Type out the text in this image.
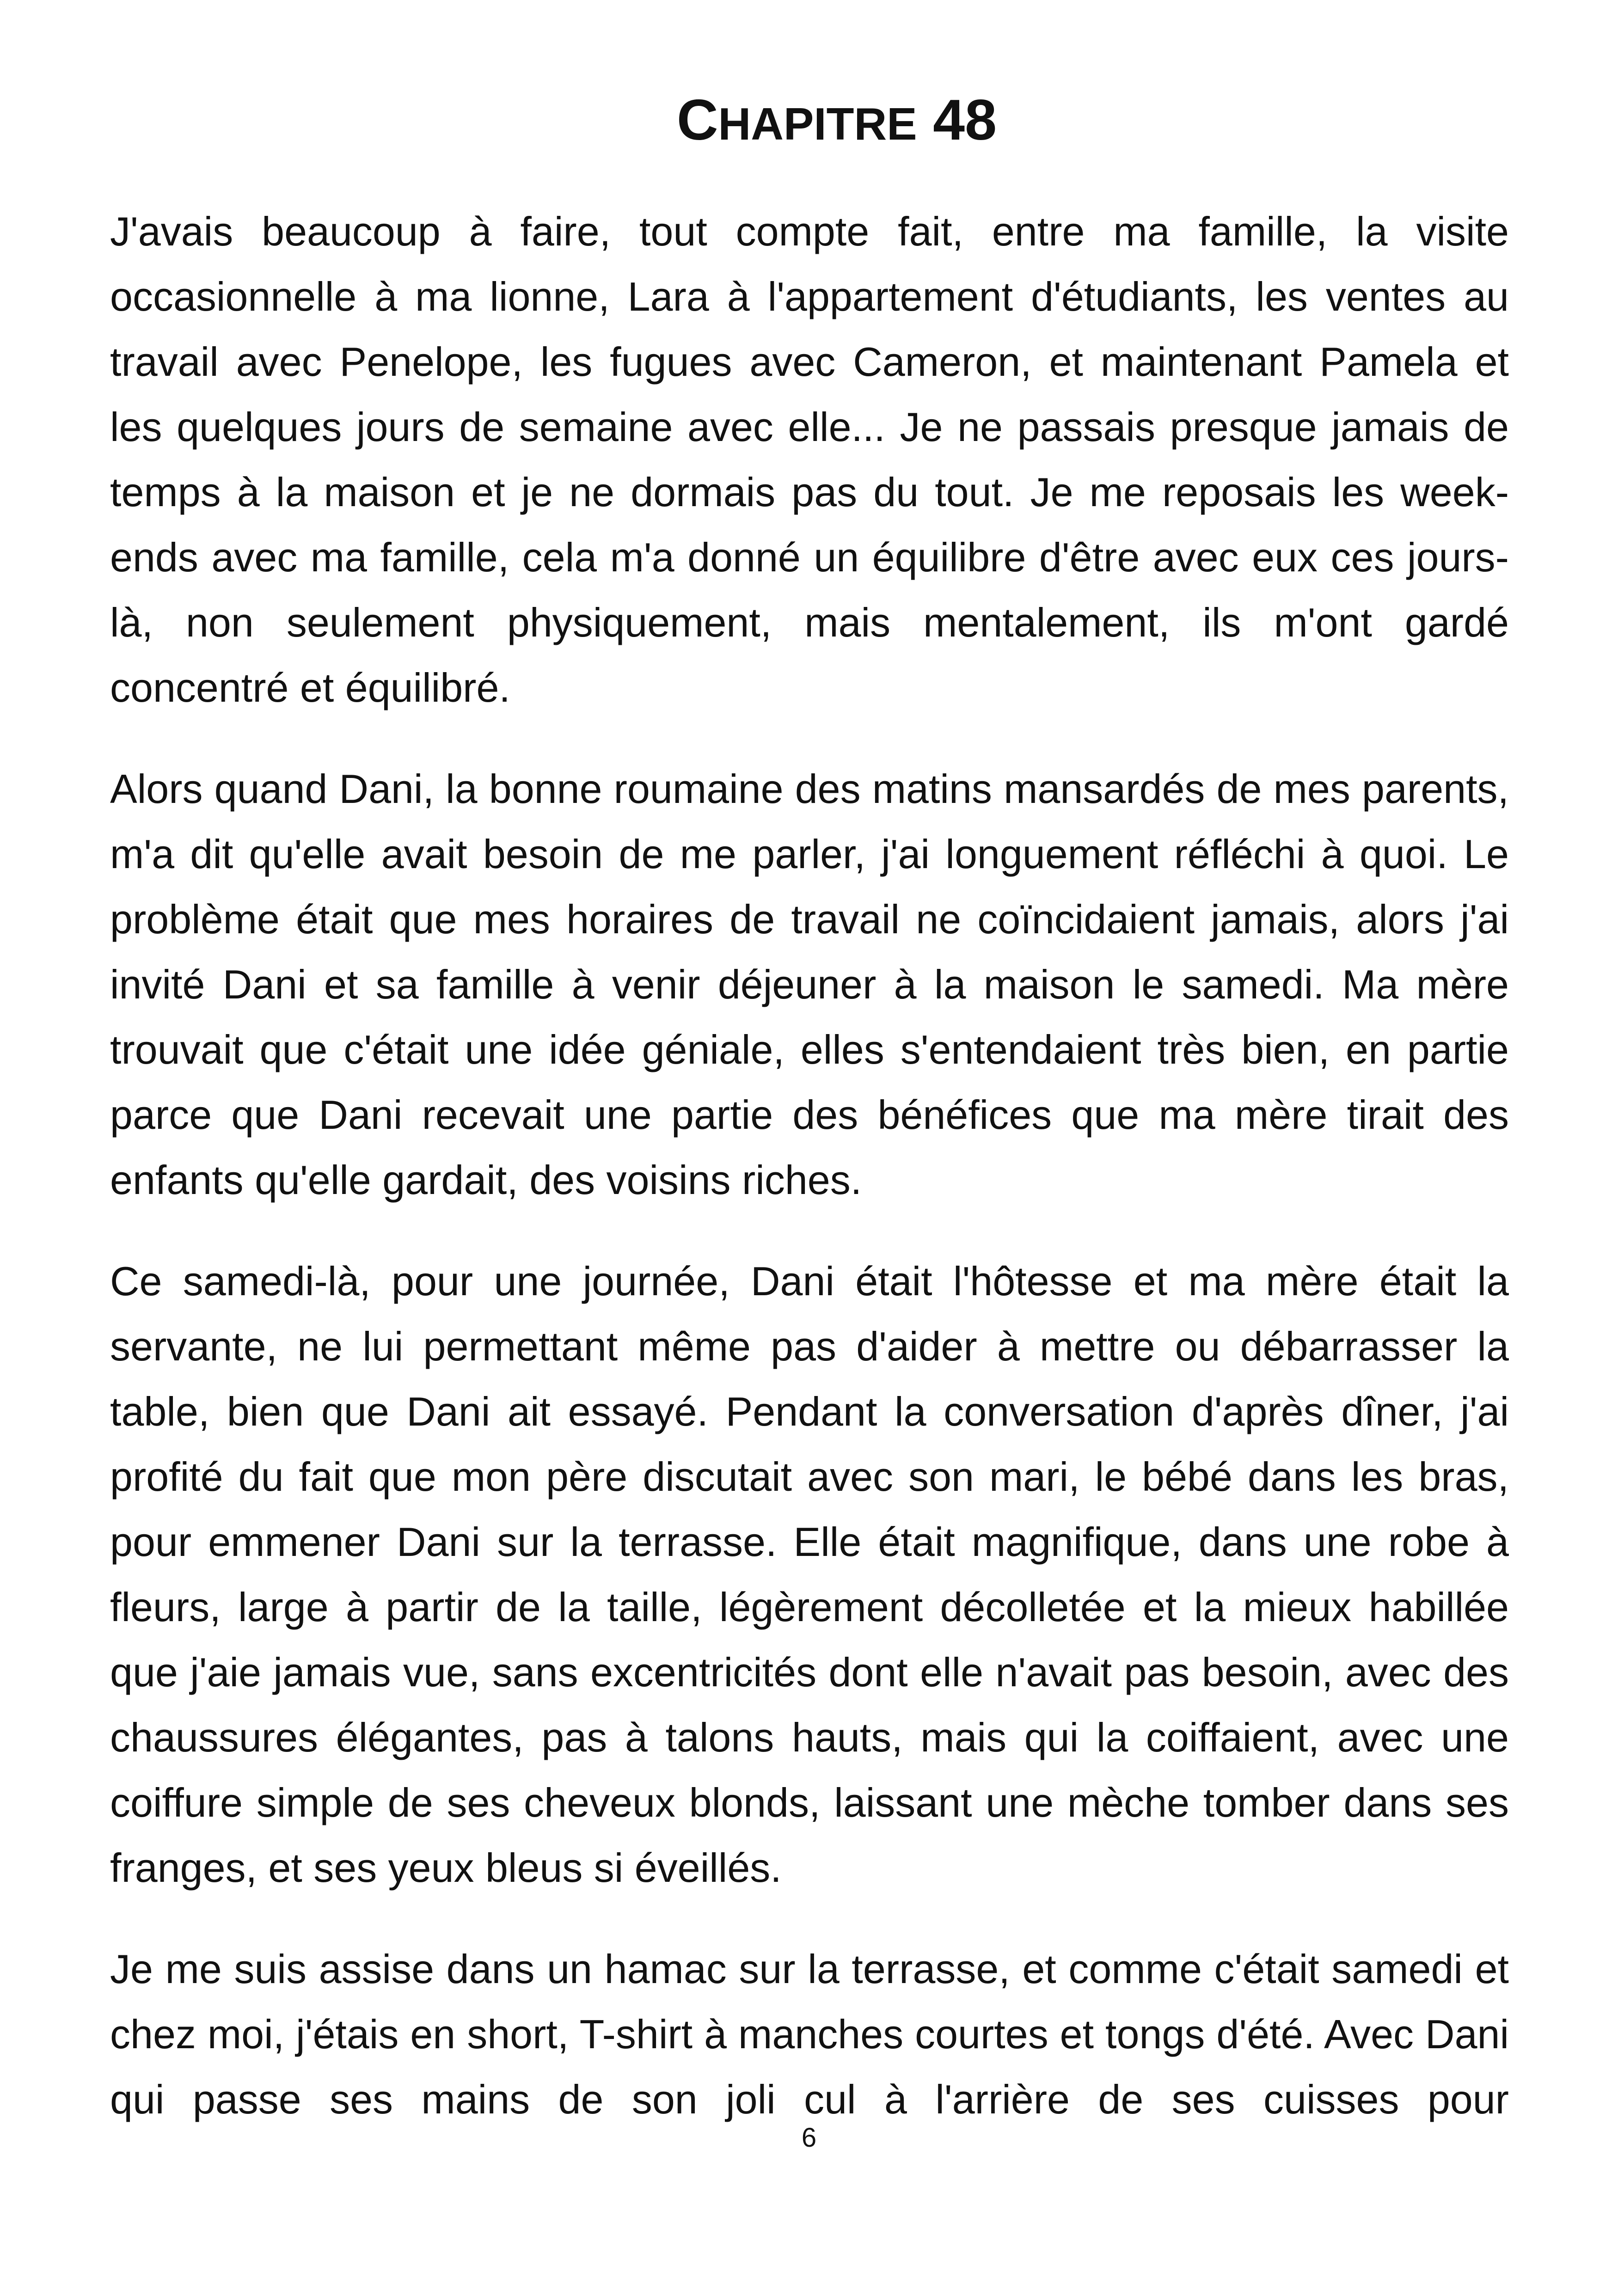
CHAPITRE 48

J'avais beaucoup à faire, tout compte fait, entre ma famille, la visite occasionnelle à ma lionne, Lara à l'appartement d'étudiants, les ventes au travail avec Penelope, les fugues avec Cameron, et maintenant Pamela et les quelques jours de semaine avec elle... Je ne passais presque jamais de temps à la maison et je ne dormais pas du tout. Je me reposais les week-ends avec ma famille, cela m'a donné un équilibre d'être avec eux ces jours-là, non seulement physiquement, mais mentalement, ils m'ont gardé concentré et équilibré.

Alors quand Dani, la bonne roumaine des matins mansardés de mes parents, m'a dit qu'elle avait besoin de me parler, j'ai longuement réfléchi à quoi. Le problème était que mes horaires de travail ne coïncidaient jamais, alors j'ai invité Dani et sa famille à venir déjeuner à la maison le samedi. Ma mère trouvait que c'était une idée géniale, elles s'entendaient très bien, en partie parce que Dani recevait une partie des bénéfices que ma mère tirait des enfants qu'elle gardait, des voisins riches.

Ce samedi-là, pour une journée, Dani était l'hôtesse et ma mère était la servante, ne lui permettant même pas d'aider à mettre ou débarrasser la table, bien que Dani ait essayé. Pendant la conversation d'après dîner, j'ai profité du fait que mon père discutait avec son mari, le bébé dans les bras, pour emmener Dani sur la terrasse. Elle était magnifique, dans une robe à fleurs, large à partir de la taille, légèrement décolletée et la mieux habillée que j'aie jamais vue, sans excentricités dont elle n'avait pas besoin, avec des chaussures élégantes, pas à talons hauts, mais qui la coiffaient, avec une coiffure simple de ses cheveux blonds, laissant une mèche tomber dans ses franges, et ses yeux bleus si éveillés.

Je me suis assise dans un hamac sur la terrasse, et comme c'était samedi et chez moi, j'étais en short, T-shirt à manches courtes et tongs d'été. Avec Dani qui passe ses mains de son joli cul à l'arrière de ses cuisses pour

6
